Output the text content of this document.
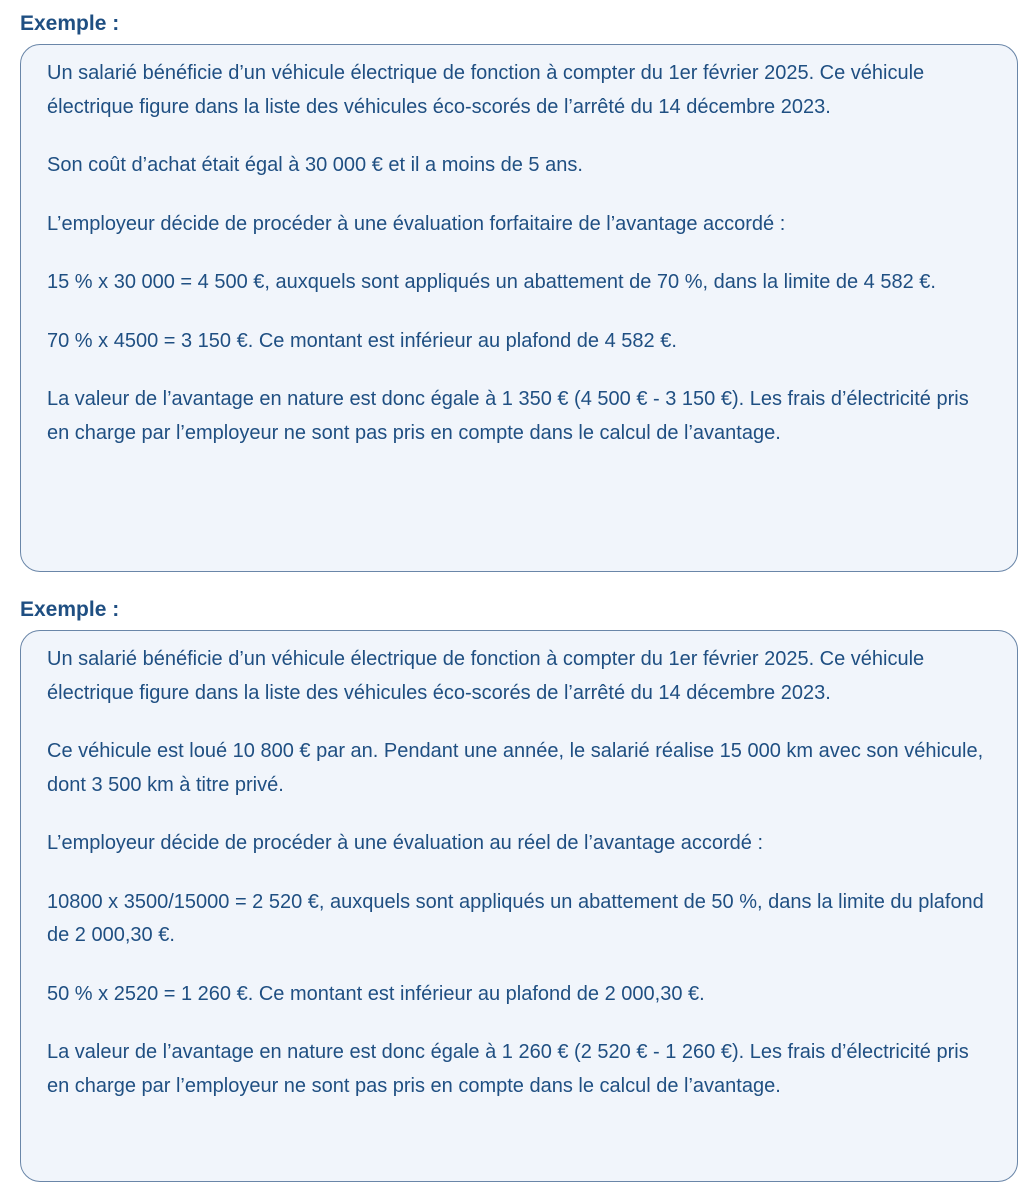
Exemple :

Un salarié bénéficie d’un véhicule électrique de fonction à compter du 1er février 2025. Ce véhicule électrique figure dans la liste des véhicules éco-scorés de l’arrêté du 14 décembre 2023.

Son coût d’achat était égal à 30 000 € et il a moins de 5 ans.

L’employeur décide de procéder à une évaluation forfaitaire de l’avantage accordé :

15 % x 30 000 = 4 500 €, auxquels sont appliqués un abattement de 70 %, dans la limite de 4 582 €.

70 % x 4500 = 3 150 €. Ce montant est inférieur au plafond de 4 582 €.

La valeur de l’avantage en nature est donc égale à 1 350 € (4 500 € - 3 150 €). Les frais d’électricité pris en charge par l’employeur ne sont pas pris en compte dans le calcul de l’avantage.

Exemple :

Un salarié bénéficie d’un véhicule électrique de fonction à compter du 1er février 2025. Ce véhicule électrique figure dans la liste des véhicules éco-scorés de l’arrêté du 14 décembre 2023.

Ce véhicule est loué 10 800 € par an. Pendant une année, le salarié réalise 15 000 km avec son véhicule, dont 3 500 km à titre privé.

L’employeur décide de procéder à une évaluation au réel de l’avantage accordé :

10800 x 3500/15000 = 2 520 €, auxquels sont appliqués un abattement de 50 %, dans la limite du plafond de 2 000,30 €.

50 % x 2520 = 1 260 €. Ce montant est inférieur au plafond de 2 000,30 €.

La valeur de l’avantage en nature est donc égale à 1 260 € (2 520 € - 1 260 €). Les frais d’électricité pris en charge par l’employeur ne sont pas pris en compte dans le calcul de l’avantage.
